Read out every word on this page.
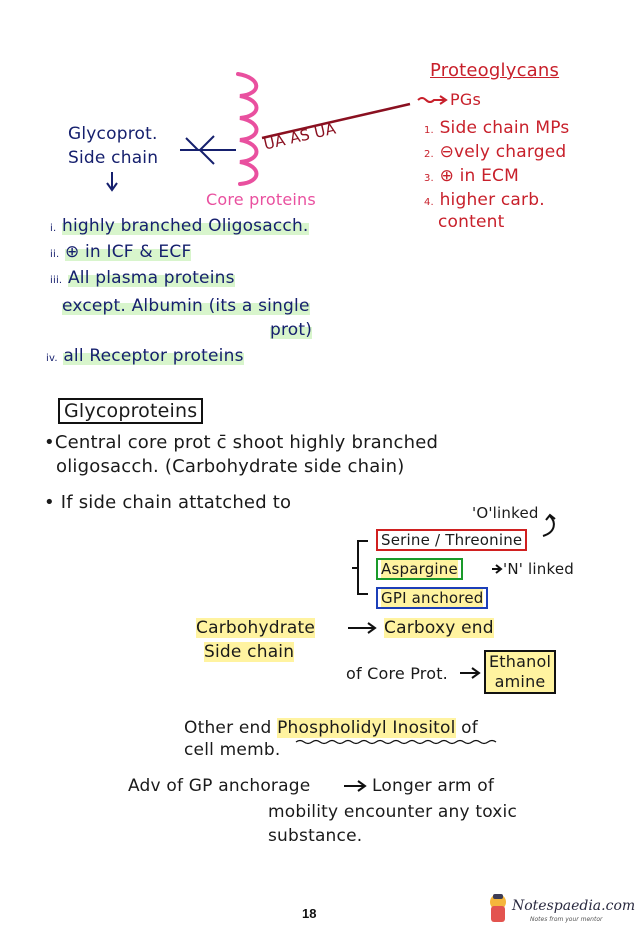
Glycoprot.
Side chain
Core proteins
UA AS UA
Proteoglycans
PGs
1. Side chain MPs
2. ⊖vely charged
3. ⊕ in ECM
4. higher carb.
content
i. highly branched Oligosacch.
ii. ⊕ in ICF & ECF
iii. All plasma proteins
except. Albumin (its a single
prot)
iv. all Receptor proteins
Glycoproteins
•Central core prot c̄ shoot highly branched
oligosacch. (Carbohydrate side chain)
• If side chain attatched to	'O'linked
Serine / Threonine
Aspargine	'N' linked
GPI anchored
Carbohydrate
Side chain
Carboxy end
of Core Prot.
Ethanol
amine
Other end Phospholidyl Inositol of
cell memb.
Adv of GP anchorage	Longer arm of
mobility encounter any toxic
substance.
18	Notespaedia.com
Notes from your mentor
